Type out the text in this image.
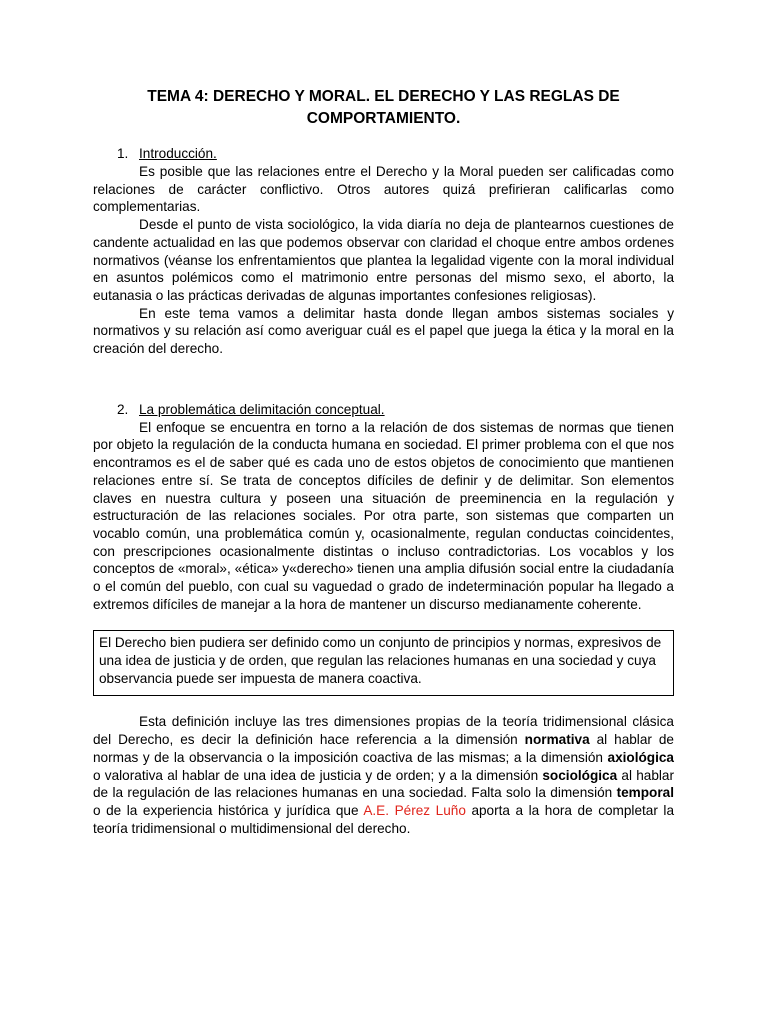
TEMA 4: DERECHO Y MORAL. EL DERECHO Y LAS REGLAS DE COMPORTAMIENTO.
1. Introducción.

Es posible que las relaciones entre el Derecho y la Moral pueden ser calificadas como relaciones de carácter conflictivo. Otros autores quizá prefirieran calificarlas como complementarias.

Desde el punto de vista sociológico, la vida diaría no deja de plantearnos cuestiones de candente actualidad en las que podemos observar con claridad el choque entre ambos ordenes normativos (véanse los enfrentamientos que plantea la legalidad vigente con la moral individual en asuntos polémicos como el matrimonio entre personas del mismo sexo, el aborto, la eutanasia o las prácticas derivadas de algunas importantes confesiones religiosas).

En este tema vamos a delimitar hasta donde llegan ambos sistemas sociales y normativos y su relación así como averiguar cuál es el papel que juega la ética y la moral en la creación del derecho.

2. La problemática delimitación conceptual.

El enfoque se encuentra en torno a la relación de dos sistemas de normas que tienen por objeto la regulación de la conducta humana en sociedad. El primer problema con el que nos encontramos es el de saber qué es cada uno de estos objetos de conocimiento que mantienen relaciones entre sí. Se trata de conceptos difíciles de definir y de delimitar. Son elementos claves en nuestra cultura y poseen una situación de preeminencia en la regulación y estructuración de las relaciones sociales. Por otra parte, son sistemas que comparten un vocablo común, una problemática común y, ocasionalmente, regulan conductas coincidentes, con prescripciones ocasionalmente distintas o incluso contradictorias. Los vocablos y los conceptos de «moral», «ética» y«derecho» tienen una amplia difusión social entre la ciudadanía o el común del pueblo, con cual su vaguedad o grado de indeterminación popular ha llegado a extremos difíciles de manejar a la hora de mantener un discurso medianamente coherente.

El Derecho bien pudiera ser definido como un conjunto de principios y normas, expresivos de una idea de justicia y de orden, que regulan las relaciones humanas en una sociedad y cuya observancia puede ser impuesta de manera coactiva.

Esta definición incluye las tres dimensiones propias de la teoría tridimensional clásica del Derecho, es decir la definición hace referencia a la dimensión normativa al hablar de normas y de la observancia o la imposición coactiva de las mismas; a la dimensión axiológica o valorativa al hablar de una idea de justicia y de orden; y a la dimensión sociológica al hablar de la regulación de las relaciones humanas en una sociedad. Falta solo la dimensión temporal o de la experiencia histórica y jurídica que A.E. Pérez Luño aporta a la hora de completar la teoría tridimensional o multidimensional del derecho.
